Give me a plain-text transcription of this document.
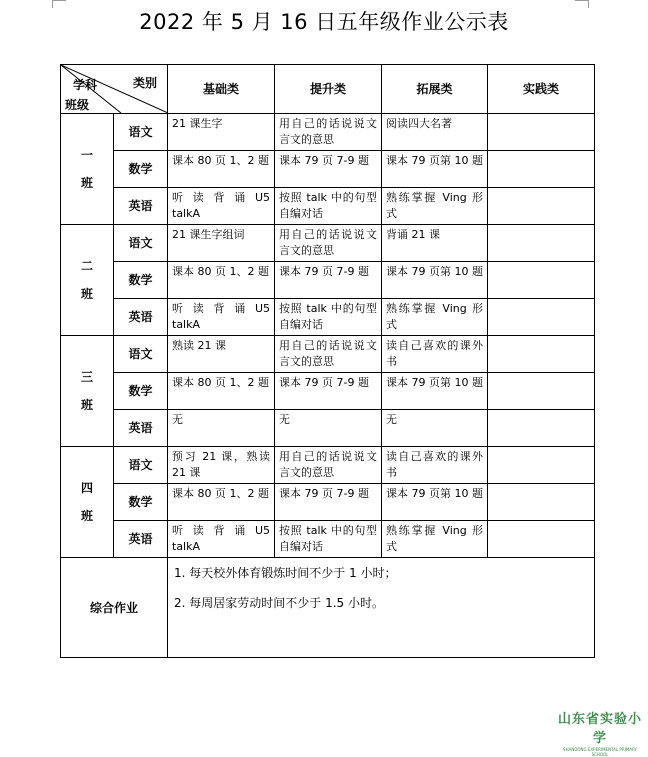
2022 年 5 月 16 日五年级作业公示表
类别
学科
班级		基础类	提升类	拓展类	实践类

一
班	语文	21 课生字	用自己的话说说文言文的意思	阅读四大名著	
	数学	课本 80 页 1、2 题	课本 79 页 7-9 题	课本 79 页第 10 题	
	英语	听 读 背 诵 U5 talkA	按照 talk 中的句型自编对话	熟练掌握 Ving 形式	

二
班	语文	21 课生字组词	用自己的话说说文言文的意思	背诵 21 课	
	数学	课本 80 页 1、2 题	课本 79 页 7-9 题	课本 79 页第 10 题	
	英语	听 读 背 诵 U5 talkA	按照 talk 中的句型自编对话	熟练掌握 Ving 形式	

三
班	语文	熟读 21 课	用自己的话说说文言文的意思	读自己喜欢的课外书	
	数学	课本 80 页 1、2 题	课本 79 页 7-9 题	课本 79 页第 10 题	
	英语	无	无	无	

四
班	语文	预习 21 课，熟读 21 课	用自己的话说说文言文的意思	读自己喜欢的课外书	
	数学	课本 80 页 1、2 题	课本 79 页 7-9 题	课本 79 页第 10 题	
	英语	听 读 背 诵 U5 talkA	按照 talk 中的句型自编对话	熟练掌握 Ving 形式	
综合作业		1. 每天校外体育锻炼时间不少于 1 小时；

2. 每周居家劳动时间不少于 1.5 小时。			

山东省实验小学
SHANDONG EXPERIMENTAL PRIMARY SCHOOL
